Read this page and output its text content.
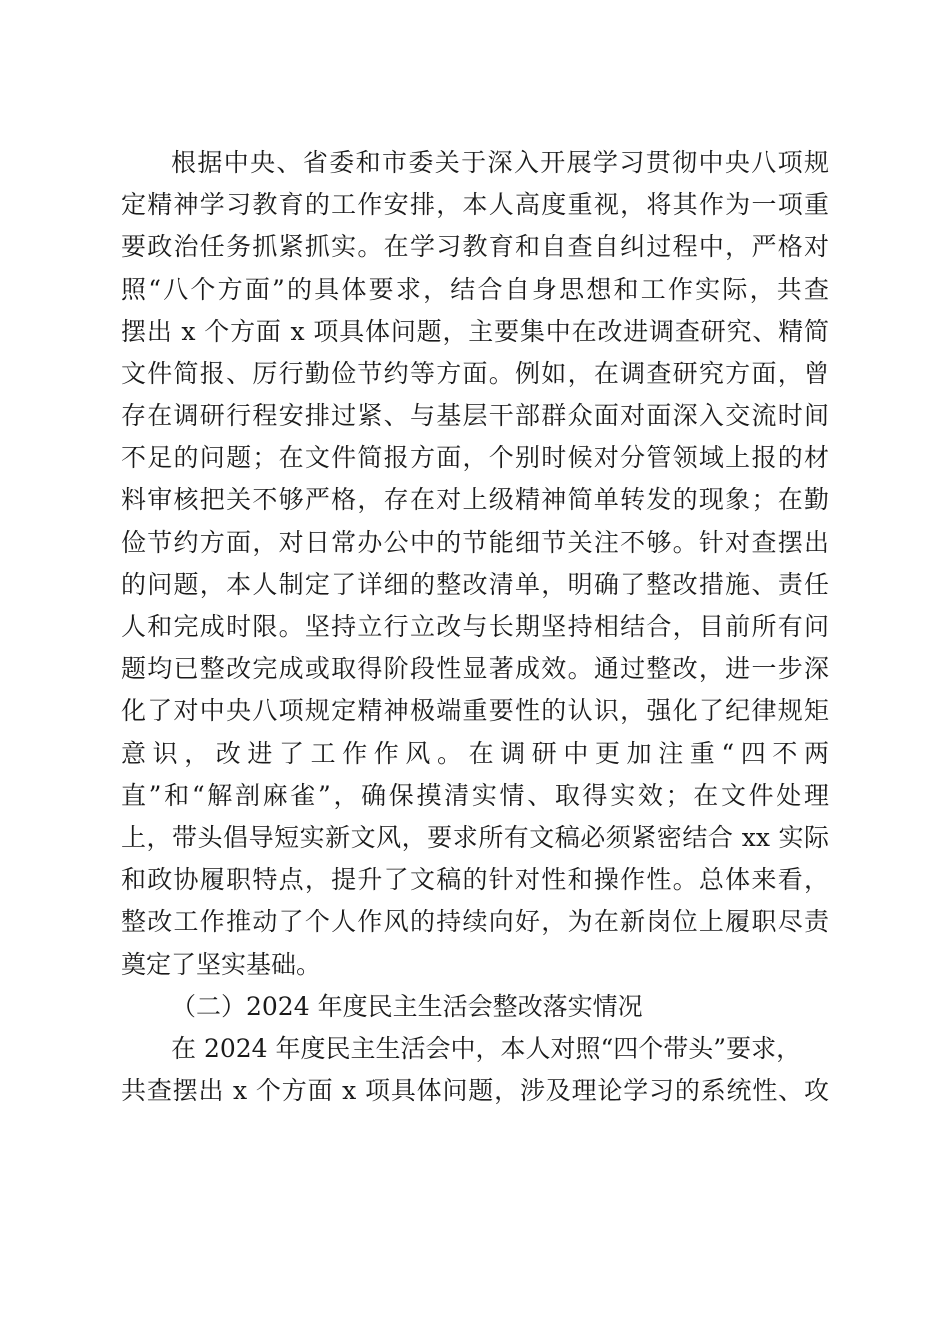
根据中央、省委和市委关于深入开展学习贯彻中央八项规
定精神学习教育的工作安排，本人高度重视，将其作为一项重
要政治任务抓紧抓实。在学习教育和自查自纠过程中，严格对
照“八个方面”的具体要求，结合自身思想和工作实际，共查
摆出 x 个方面 x 项具体问题，主要集中在改进调查研究、精简
文件简报、厉行勤俭节约等方面。例如，在调查研究方面，曾
存在调研行程安排过紧、与基层干部群众面对面深入交流时间
不足的问题；在文件简报方面，个别时候对分管领域上报的材
料审核把关不够严格，存在对上级精神简单转发的现象；在勤
俭节约方面，对日常办公中的节能细节关注不够。针对查摆出
的问题，本人制定了详细的整改清单，明确了整改措施、责任
人和完成时限。坚持立行立改与长期坚持相结合，目前所有问
题均已整改完成或取得阶段性显著成效。通过整改，进一步深
化了对中央八项规定精神极端重要性的认识，强化了纪律规矩
意识，改进了工作作风。在调研中更加注重“四不两
直”和“解剖麻雀”，确保摸清实情、取得实效；在文件处理
上，带头倡导短实新文风，要求所有文稿必须紧密结合 xx 实际
和政协履职特点，提升了文稿的针对性和操作性。总体来看，
整改工作推动了个人作风的持续向好，为在新岗位上履职尽责
奠定了坚实基础。
（二）2024 年度民主生活会整改落实情况
在 2024 年度民主生活会中，本人对照“四个带头”要求，
共查摆出 x 个方面 x 项具体问题，涉及理论学习的系统性、攻
